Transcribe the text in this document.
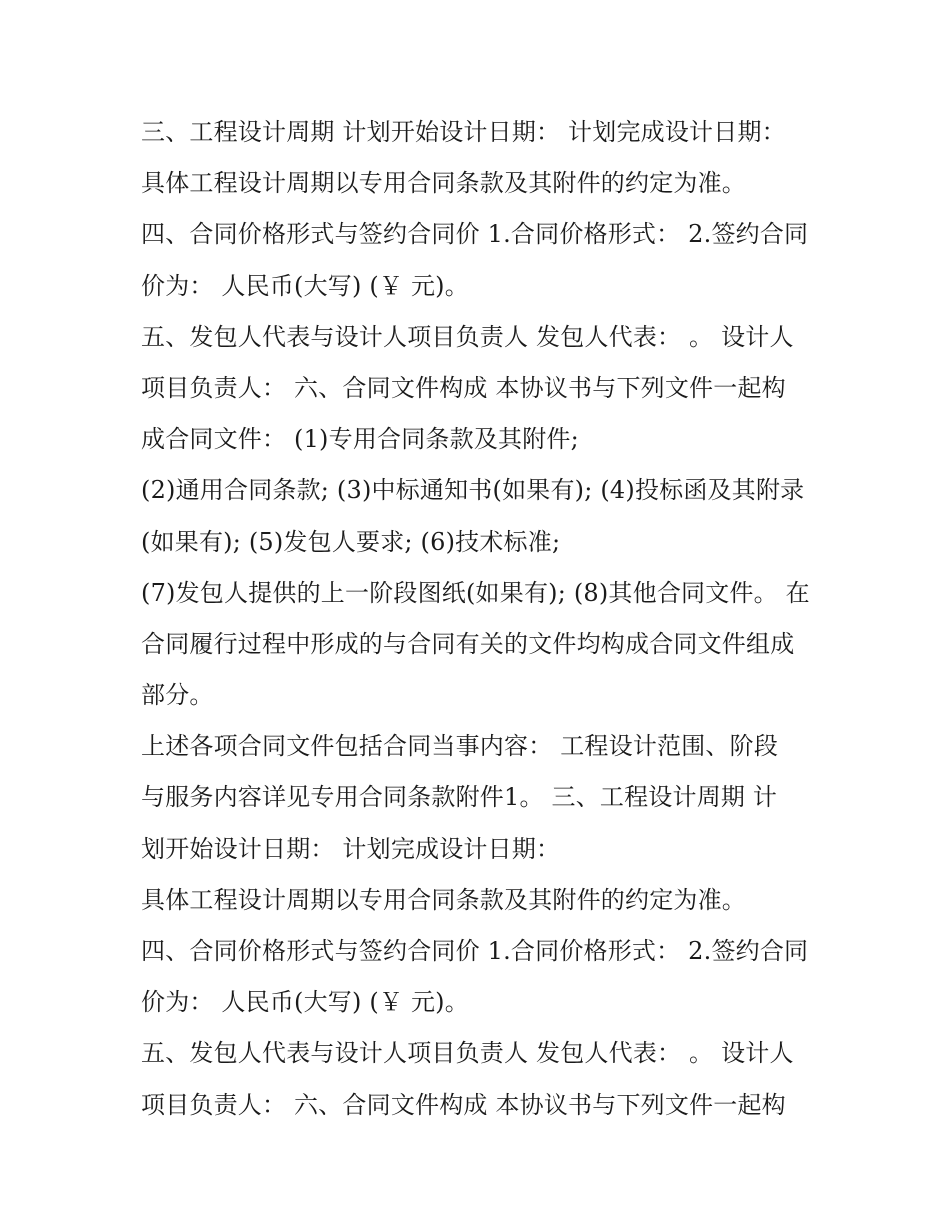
三、工程设计周期 计划开始设计日期： 计划完成设计日期：
具体工程设计周期以专用合同条款及其附件的约定为准。
四、合同价格形式与签约合同价 1.合同价格形式： 2.签约合同
价为： 人民币(大写) (￥ 元)。
五、发包人代表与设计人项目负责人 发包人代表： 。 设计人
项目负责人： 六、合同文件构成 本协议书与下列文件一起构
成合同文件： (1)专用合同条款及其附件;
(2)通用合同条款; (3)中标通知书(如果有); (4)投标函及其附录
(如果有); (5)发包人要求; (6)技术标准;
(7)发包人提供的上一阶段图纸(如果有); (8)其他合同文件。 在
合同履行过程中形成的与合同有关的文件均构成合同文件组成
部分。
上述各项合同文件包括合同当事内容： 工程设计范围、阶段
与服务内容详见专用合同条款附件1。 三、工程设计周期 计
划开始设计日期： 计划完成设计日期：
具体工程设计周期以专用合同条款及其附件的约定为准。
四、合同价格形式与签约合同价 1.合同价格形式： 2.签约合同
价为： 人民币(大写) (￥ 元)。
五、发包人代表与设计人项目负责人 发包人代表： 。 设计人
项目负责人： 六、合同文件构成 本协议书与下列文件一起构
